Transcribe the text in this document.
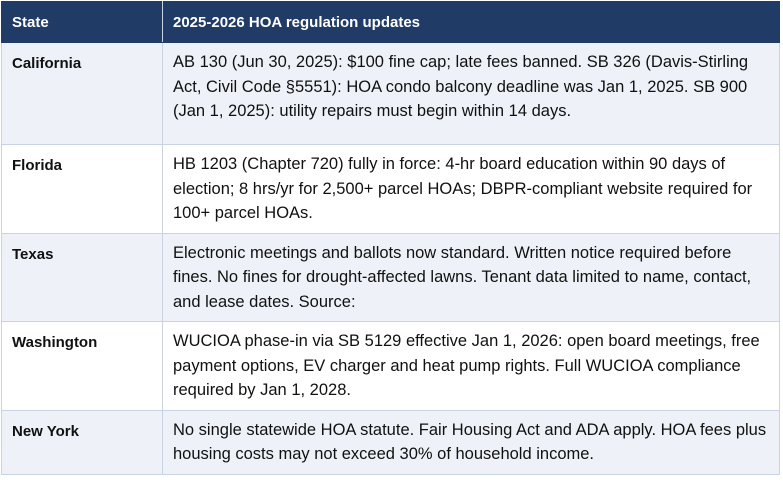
State	2025-2026 HOA regulation updates
California	AB 130 (Jun 30, 2025): $100 fine cap; late fees banned. SB 326 (Davis-Stirling Act, Civil Code §5551): HOA condo balcony deadline was Jan 1, 2025. SB 900 (Jan 1, 2025): utility repairs must begin within 14 days.
Florida	HB 1203 (Chapter 720) fully in force: 4-hr board education within 90 days of election; 8 hrs/yr for 2,500+ parcel HOAs; DBPR-compliant website required for 100+ parcel HOAs.
Texas	Electronic meetings and ballots now standard. Written notice required before fines. No fines for drought-affected lawns. Tenant data limited to name, contact, and lease dates. Source:
Washington	WUCIOA phase-in via SB 5129 effective Jan 1, 2026: open board meetings, free payment options, EV charger and heat pump rights. Full WUCIOA compliance required by Jan 1, 2028.
New York	No single statewide HOA statute. Fair Housing Act and ADA apply. HOA fees plus housing costs may not exceed 30% of household income.
